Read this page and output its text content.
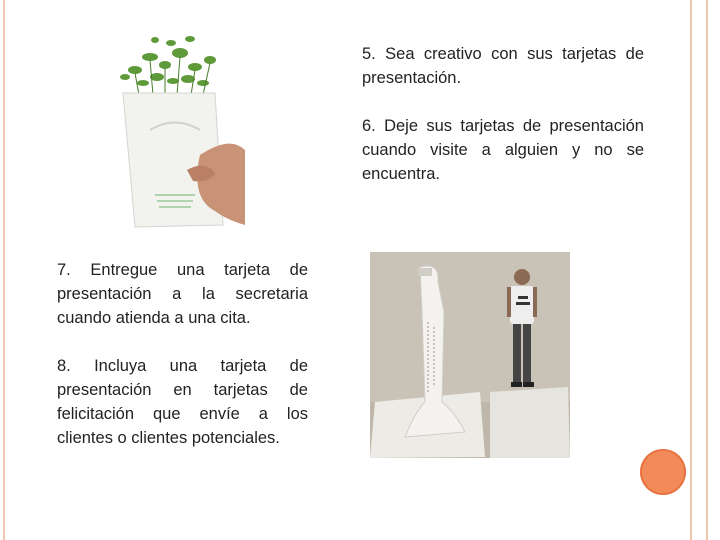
5. Sea creativo con sus tarjetas de presentación.

6. Deje sus tarjetas de presentación cuando visite a alguien y no se encuentra.

7. Entregue una tarjeta de presentación a la secretaria cuando atienda a una cita.

8. Incluya una tarjeta de presentación en tarjetas de felicitación que envíe a los clientes o clientes potenciales.
